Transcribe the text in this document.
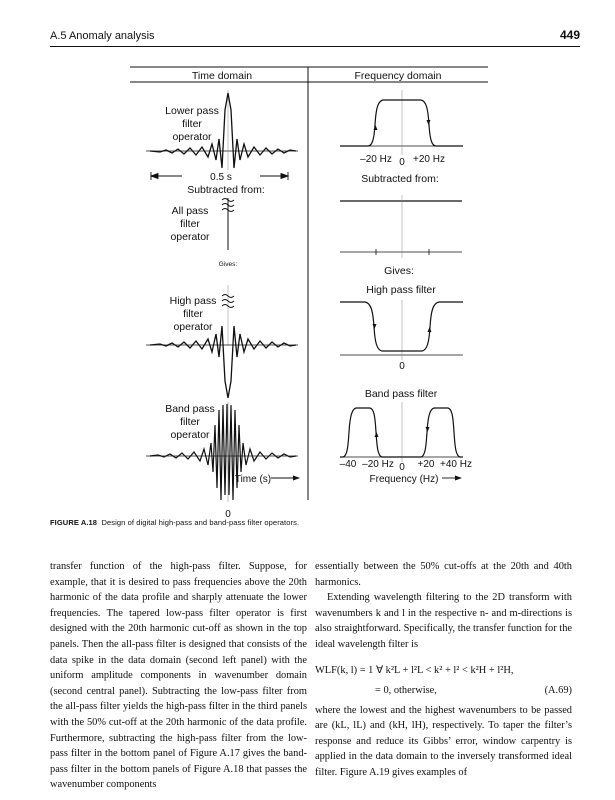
A.5 Anomaly analysis	449
Time domain	Frequency domain
Lower pass
filter
operator
0.5 s
Subtracted from:
–20 Hz 0 +20 Hz
Subtracted from:
All pass
filter
operator
Gives:
Gives:
High pass filter
High pass
filter
operator
0
Band pass filter
Band pass
filter
operator
0
Time (s)
–40 –20 Hz 0 +20 +40 Hz
Frequency (Hz)
FIGURE A.18 Design of digital high-pass and band-pass filter operators.

transfer function of the high-pass filter. Suppose, for example, that it is desired to pass frequencies above the 20th harmonic of the data profile and sharply attenuate the lower frequencies. The tapered low-pass filter operator is first designed with the 20th harmonic cut-off as shown in the top panels. Then the all-pass filter is designed that consists of the data spike in the data domain (second left panel) with the uniform amplitude components in wavenumber domain (second central panel). Subtracting the low-pass filter from the all-pass filter yields the high-pass filter in the third panels with the 50% cut-off at the 20th harmonic of the data profile. Furthermore, subtracting the high-pass filter from the low-pass filter in the bottom panel of Figure A.17 gives the band-pass filter in the bottom panels of Figure A.18 that passes the wavenumber components

essentially between the 50% cut-offs at the 20th and 40th harmonics.

Extending wavelength filtering to the 2D transform with wavenumbers k and l in the respective n- and m-directions is also straightforward. Specifically, the transfer function for the ideal wavelength filter is

WLF(k, l) = 1 ∀ k²L + l²L < k² + l² < k²H + l²H,
= 0, otherwise,	(A.69)

where the lowest and the highest wavenumbers to be passed are (kL, lL) and (kH, lH), respectively. To taper the filter’s response and reduce its Gibbs’ error, window carpentry is applied in the data domain to the inversely transformed ideal filter. Figure A.19 gives examples of
